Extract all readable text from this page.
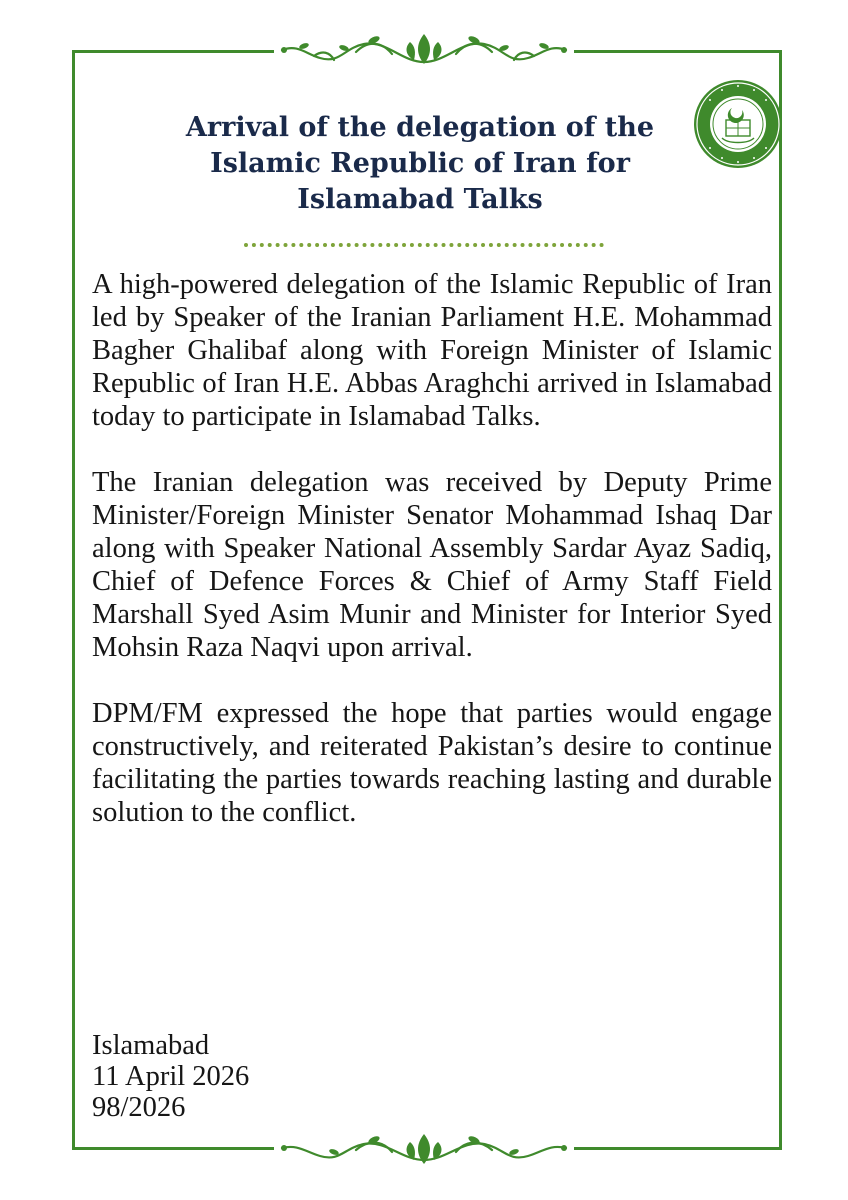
Arrival of the delegation of the
Islamic Republic of Iran for
Islamabad Talks

A high-powered delegation of the Islamic Republic of Iran led by Speaker of the Iranian Parliament H.E. Mohammad Bagher Ghalibaf along with Foreign Minister of Islamic Republic of Iran H.E. Abbas Araghchi arrived in Islamabad today to participate in Islamabad Talks.

The Iranian delegation was received by Deputy Prime Minister/Foreign Minister Senator Mohammad Ishaq Dar along with Speaker National Assembly Sardar Ayaz Sadiq, Chief of Defence Forces & Chief of Army Staff Field Marshall Syed Asim Munir and Minister for Interior Syed Mohsin Raza Naqvi upon arrival.

DPM/FM expressed the hope that parties would engage constructively, and reiterated Pakistan’s desire to continue facilitating the parties towards reaching lasting and durable solution to the conflict.

Islamabad
11 April 2026
98/2026
